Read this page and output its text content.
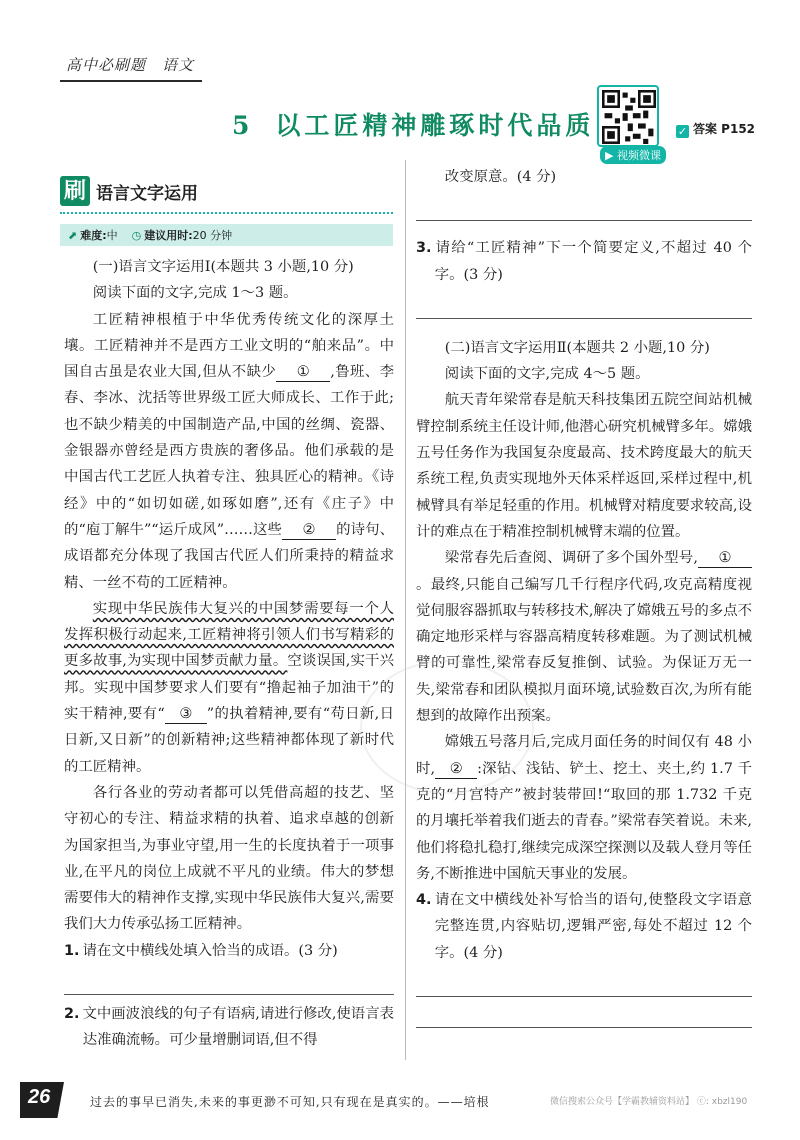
高中必刷题　语文
5 以工匠精神雕琢时代品质
▶ 视频微课
✓ 答案 P152
刷 语言文字运用
⬈ 难度: 中 ◷ 建议用时: 20 分钟

(一)语言文字运用Ⅰ(本题共 3 小题,10 分)

阅读下面的文字,完成 1～3 题。

工匠精神根植于中华优秀传统文化的深厚土壤。工匠精神并不是西方工业文明的“舶来品”。中国自古虽是农业大国,但从不缺少 ① ,鲁班、李春、李冰、沈括等世界级工匠大师成长、工作于此;也不缺少精美的中国制造产品,中国的丝绸、瓷器、金银器亦曾经是西方贵族的奢侈品。他们承载的是中国古代工艺匠人执着专注、独具匠心的精神。《诗经》中的“如切如磋,如琢如磨”,还有《庄子》中的“庖丁解牛”“运斤成风”……这些 ② 的诗句、成语都充分体现了我国古代匠人们所秉持的精益求精、一丝不苟的工匠精神。

实现中华民族伟大复兴的中国梦需要每一个人发挥积极行动起来,工匠精神将引领人们书写精彩的更多故事,为实现中国梦贡献力量。空谈误国,实干兴邦。实现中国梦要求人们要有“撸起袖子加油干”的实干精神,要有“ ③ ”的执着精神,要有“苟日新,日日新,又日新”的创新精神;这些精神都体现了新时代的工匠精神。

各行各业的劳动者都可以凭借高超的技艺、坚守初心的专注、精益求精的执着、追求卓越的创新为国家担当,为事业守望,用一生的长度执着于一项事业,在平凡的岗位上成就不平凡的业绩。伟大的梦想需要伟大的精神作支撑,实现中华民族伟大复兴,需要我们大力传承弘扬工匠精神。

1. 请在文中横线处填入恰当的成语。(3 分)

2. 文中画波浪线的句子有语病,请进行修改,使语言表达准确流畅。可少量增删词语,但不得

改变原意。(4 分)

3. 请给“工匠精神”下一个简要定义,不超过 40 个字。(3 分)

(二)语言文字运用Ⅱ(本题共 2 小题,10 分)

阅读下面的文字,完成 4～5 题。

航天青年梁常春是航天科技集团五院空间站机械臂控制系统主任设计师,他潜心研究机械臂多年。嫦娥五号任务作为我国复杂度最高、技术跨度最大的航天系统工程,负责实现地外天体采样返回,采样过程中,机械臂具有举足轻重的作用。机械臂对精度要求较高,设计的难点在于精准控制机械臂末端的位置。

梁常春先后查阅、调研了多个国外型号, ①。最终,只能自己编写几千行程序代码,攻克高精度视觉伺服容器抓取与转移技术,解决了嫦娥五号的多点不确定地形采样与容器高精度转移难题。为了测试机械臂的可靠性,梁常春反复推倒、试验。为保证万无一失,梁常春和团队模拟月面环境,试验数百次,为所有能想到的故障作出预案。

嫦娥五号落月后,完成月面任务的时间仅有 48 小时, ② :深钻、浅钻、铲土、挖土、夹土,约 1.7 千克的“月宫特产”被封装带回!“取回的那 1.732 千克的月壤托举着我们逝去的青春。”梁常春笑着说。未来,他们将稳扎稳打,继续完成深空探测以及载人登月等任务,不断推进中国航天事业的发展。

4. 请在文中横线处补写恰当的语句,使整段文字语意完整连贯,内容贴切,逻辑严密,每处不超过 12 个字。(4 分)

26	过去的事早已消失,未来的事更渺不可知,只有现在是真实的。——培根	微信搜索公众号【学霸教辅资料站】 ⓒ: xbzl190
